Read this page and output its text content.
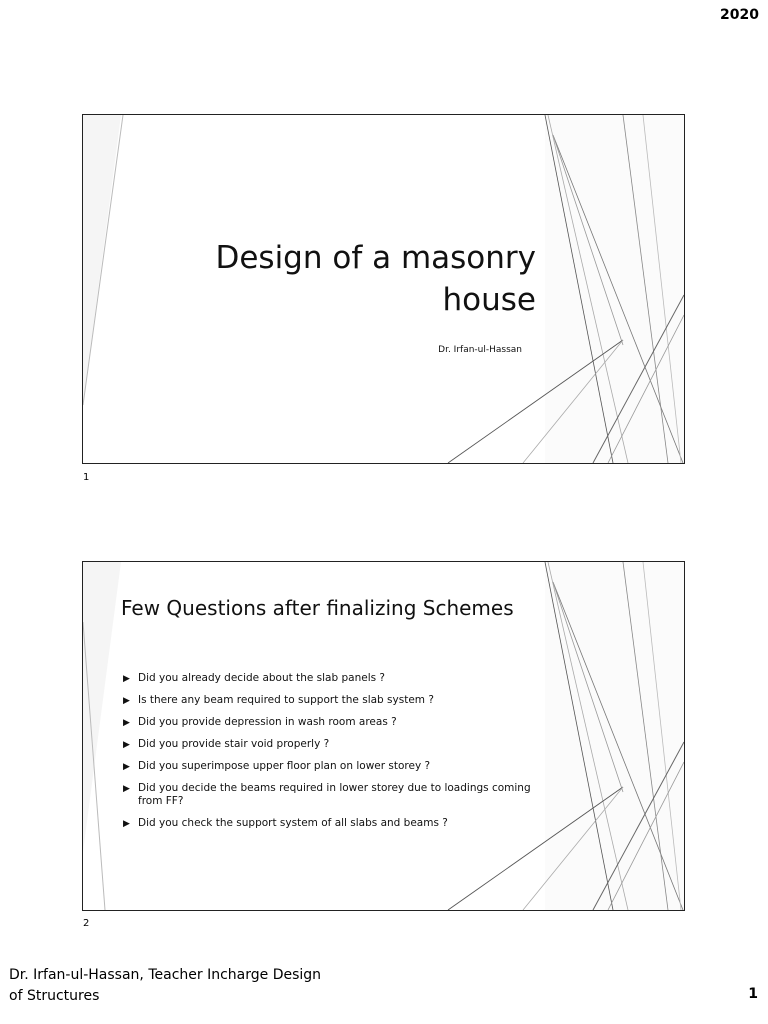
2020
Design of a masonry
house
Dr. Irfan-ul-Hassan
1
Few Questions after finalizing Schemes
▶ Did you already decide about the slab panels ?
▶ Is there any beam required to support the slab system ?
▶ Did you provide depression in wash room areas ?
▶ Did you provide stair void properly ?
▶ Did you superimpose upper floor plan on lower storey ?
▶ Did you decide the beams required in lower storey due to loadings coming from FF?
▶ Did you check the support system of all slabs and beams ?
2
Dr. Irfan-ul-Hassan, Teacher Incharge Design
of Structures	1
